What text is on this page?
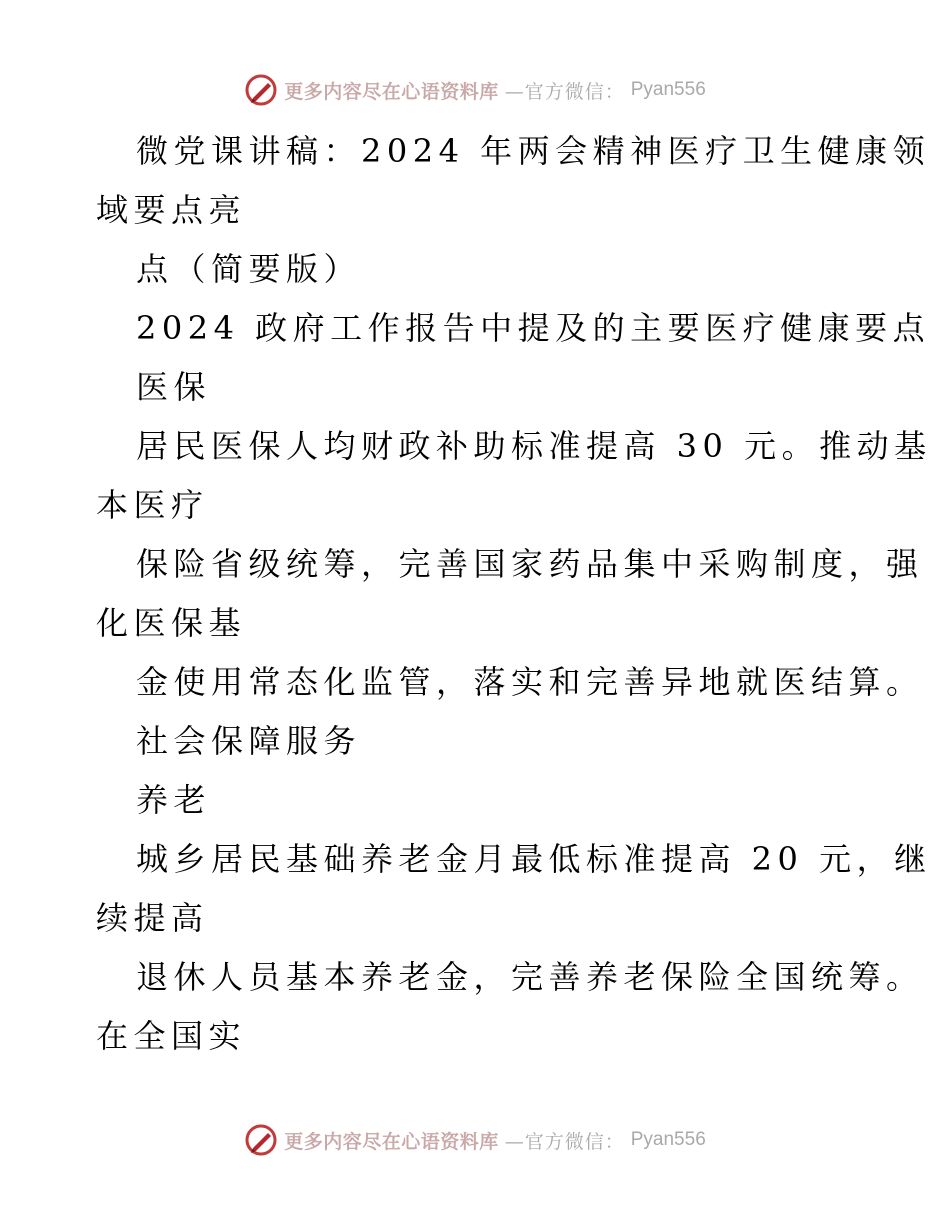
更多内容尽在心语资料库 —官方微信： Pyan556

微党课讲稿：2024 年两会精神医疗卫生健康领

域要点亮

点（简要版）

2024 政府工作报告中提及的主要医疗健康要点

医保

居民医保人均财政补助标准提高 30 元。推动基

本医疗

保险省级统筹，完善国家药品集中采购制度，强

化医保基

金使用常态化监管，落实和完善异地就医结算。

社会保障服务

养老

城乡居民基础养老金月最低标准提高 20 元，继

续提高

退休人员基本养老金，完善养老保险全国统筹。

在全国实

更多内容尽在心语资料库 —官方微信： Pyan556
